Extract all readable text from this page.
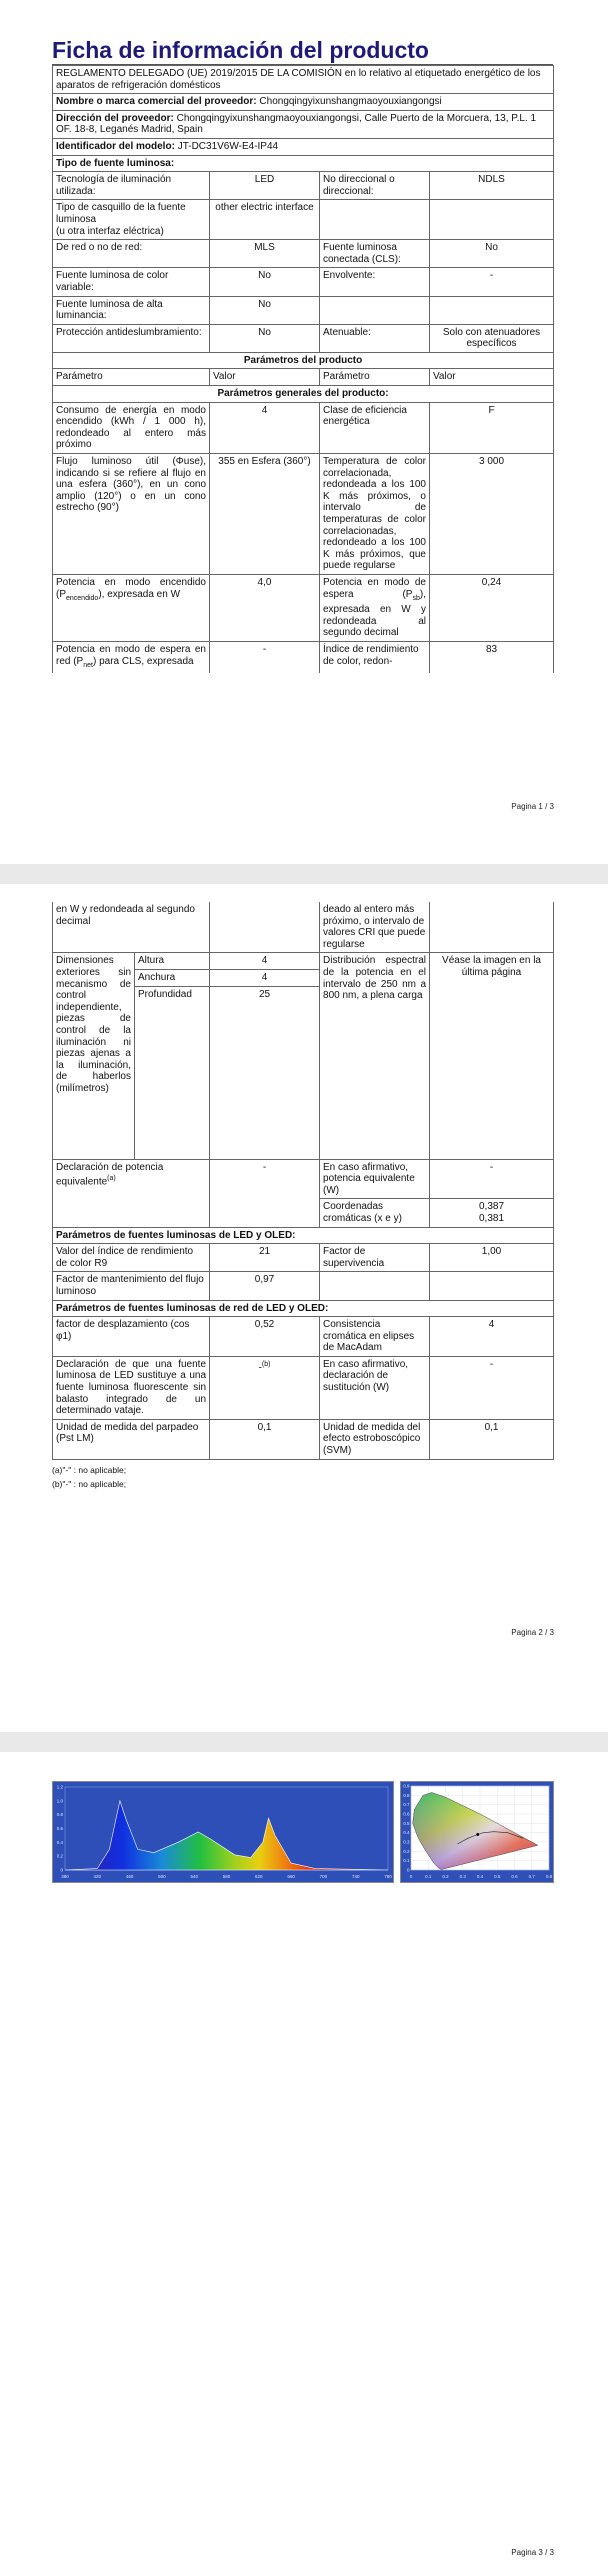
Ficha de información del producto
REGLAMENTO DELEGADO (UE) 2019/2015 DE LA COMISIÓN en lo relativo al etiquetado energético de los aparatos de refrigeración domésticos			
Nombre o marca comercial del proveedor: Chongqingyixunshangmaoyouxiangongsi			
Dirección del proveedor: Chongqingyixunshangmaoyouxiangongsi, Calle Puerto de la Morcuera, 13, P.L. 1 OF. 18-8, Leganés Madrid, Spain			
Identificador del modelo: JT-DC31V6W-E4-IP44			
Tipo de fuente luminosa:			
Tecnología de iluminación utilizada:	LED	No direccional o direccional:	NDLS

Tipo de casquillo de la fuente luminosa
(u otra interfaz eléctrica)	other electric interface		
De red o no de red:	MLS	Fuente luminosa conectada (CLS):	No
Fuente luminosa de color variable:	No	Envolvente:	-
Fuente luminosa de alta luminancia:	No		
Protección antideslumbramiento:	No	Atenuable:	Solo con atenuadores específicos
Parámetros del producto			
Parámetro	Valor	Parámetro	Valor
Parámetros generales del producto:			
Consumo de energía en modo encendido (kWh / 1 000 h), redondeado al entero más próximo	4	Clase de eficiencia energética	F
Flujo luminoso útil (Φuse), indicando si se refiere al flujo en una esfera (360°), en un cono amplio (120°) o en un cono estrecho (90°)	355 en Esfera (360°)	Temperatura de color correlacionada, redondeada a los 100 K más próximos, o intervalo de temperaturas de color correlacionadas, redondeado a los 100 K más próximos, que puede regularse	3 000
Potencia en modo encendido $(P_{encendido})$, expresada en W	4,0	Potencia en modo de espera $(P_{sb})$, expresada en W y redondeada al segundo decimal	0,24
Potencia en modo de espera en red $(P_{net})$ para CLS, expresada	-	Índice de rendimiento de color, redon-	83
Pagina 1 / 3
en W y redondeada al segundo decimal			deado al entero más próximo, o intervalo de valores CRI que puede regularse	
Dimensiones exteriores sin mecanismo de control independiente, piezas de control de la iluminación ni piezas ajenas a la iluminación, de haberlos (milímetros)	Altura	4	Distribución espectral de la potencia en el intervalo de 250 nm a 800 nm, a plena carga	Véase la imagen en la última página
	Anchura	4		
	Profundidad	25		
Declaración de potencia equivalente$^{(a)}$		-	En caso afirmativo, potencia equivalente (W)	-
			Coordenadas cromáticas (x e y)	0,387
0,381

Parámetros de fuentes luminosas de LED y OLED:				
Valor del índice de rendimiento de color R9		21	Factor de supervivencia	1,00
Factor de mantenimiento del flujo luminoso		0,97		
Parámetros de fuentes luminosas de red de LED y OLED:				
factor de desplazamiento (cos φ1)		0,52	Consistencia cromática en elipses de MacAdam	4
Declaración de que una fuente luminosa de LED sustituye a una fuente luminosa fluorescente sin balasto integrado de un determinado vataje.		-$^{(b)}$	En caso afirmativo, declaración de sustitución (W)	-
Unidad de medida del parpadeo (Pst LM)		0,1	Unidad de medida del efecto estroboscópico (SVM)	0,1
(a)"-" : no aplicable;
(b)"-" : no aplicable;
Pagina 2 / 3
380	420	460	500	540	580	620	660	700	740	780
0
0.2
0.4
0.6
0.8
1.0
1.2
0	0.1 0.2 0.3 0.4 0.5 0.6 0.7 0.8
0
0.1
0.2
0.3
0.4
0.5
0.6
0.7
0.8
0.9
Pagina 3 / 3
